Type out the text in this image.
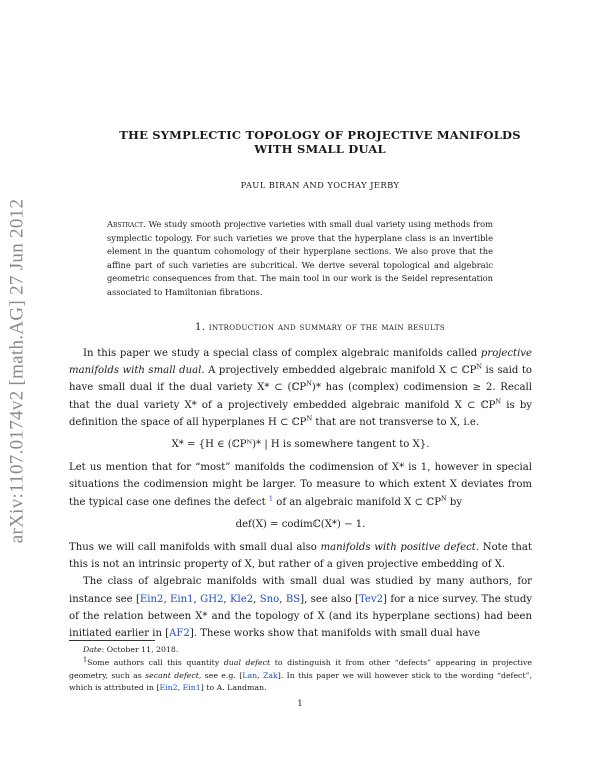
arXiv:1107.0174v2 [math.AG] 27 Jun 2012
THE SYMPLECTIC TOPOLOGY OF PROJECTIVE MANIFOLDS
WITH SMALL DUAL
PAUL BIRAN AND YOCHAY JERBY
Abstract. We study smooth projective varieties with small dual variety using methods from symplectic topology. For such varieties we prove that the hyperplane class is an invertible element in the quantum cohomology of their hyperplane sections. We also prove that the affine part of such varieties are subcritical. We derive several topological and algebraic geometric consequences from that. The main tool in our work is the Seidel representation associated to Hamiltonian fibrations.
1. introduction and summary of the main results

In this paper we study a special class of complex algebraic manifolds called projective manifolds with small dual. A projectively embedded algebraic manifold X ⊂ ℂP$^N$ is said to have small dual if the dual variety X* ⊂ (ℂP$^N$)* has (complex) codimension ≥ 2. Recall that the dual variety X* of a projectively embedded algebraic manifold X ⊂ ℂP$^N$ is by definition the space of all hyperplanes H ⊂ ℂP$^N$ that are not transverse to X, i.e.

X* = {H ∈ (ℂPᴺ)* | H is somewhere tangent to X}.

Let us mention that for “most” manifolds the codimension of X* is 1, however in special situations the codimension might be larger. To measure to which extent X deviates from the typical case one defines the defect $^1$ of an algebraic manifold X ⊂ ℂP$^N$ by

def(X) = codimℂ(X*) − 1.

Thus we will call manifolds with small dual also manifolds with positive defect. Note that this is not an intrinsic property of X, but rather of a given projective embedding of X.

The class of algebraic manifolds with small dual was studied by many authors, for instance see [Ein2, Ein1, GH2, Kle2, Sno, BS], see also [Tev2] for a nice survey. The study of the relation between X* and the topology of X (and its hyperplane sections) had been initiated earlier in [AF2]. These works show that manifolds with small dual have

Date: October 11, 2018.

$^1$Some authors call this quantity dual defect to distinguish it from other “defects” appearing in projective geometry, such as secant defect, see e.g. [Lan, Zak]. In this paper we will however stick to the wording “defect”, which is attributed in [Ein2, Ein1] to A. Landman.

1
